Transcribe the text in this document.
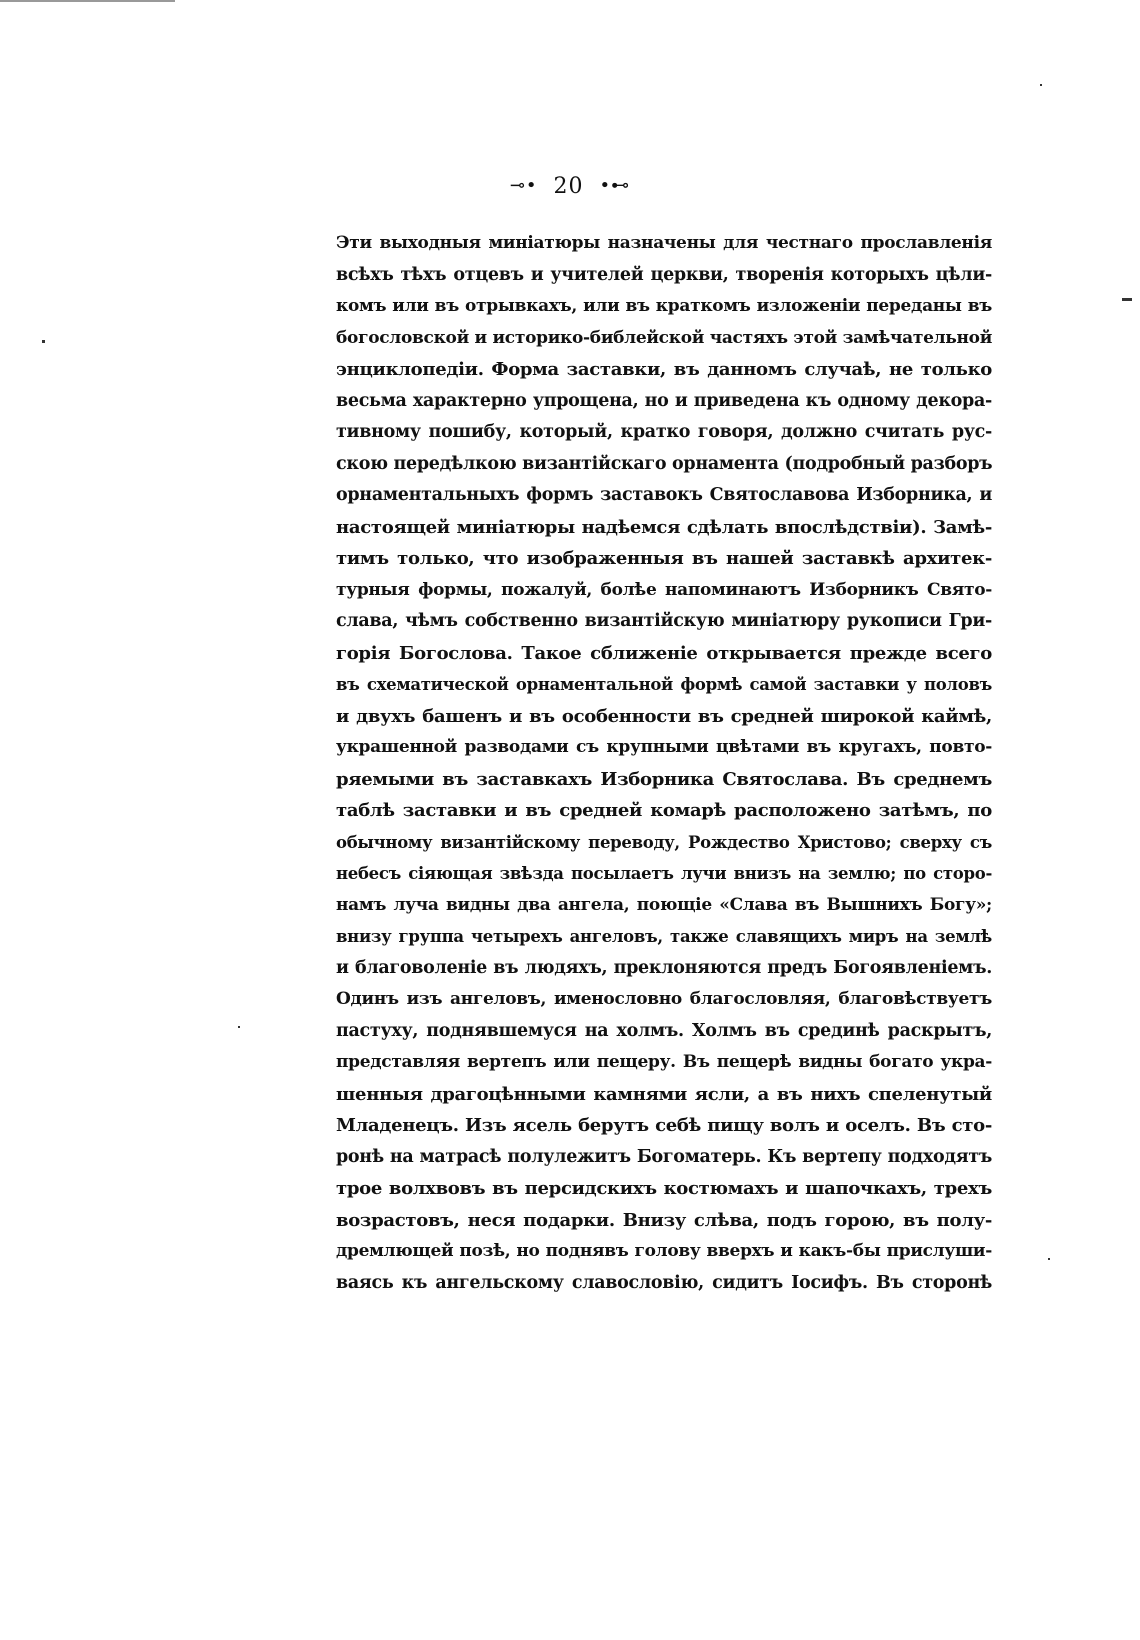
⊸• 20 •⊷
Эти выходныя миніатюры назначены для честнаго прославленія
всѣхъ тѣхъ отцевъ и учителей церкви, творенія которыхъ цѣли-
комъ или въ отрывкахъ, или въ краткомъ изложеніи переданы въ
богословской и историко-библейской частяхъ этой замѣчательной
энциклопедіи. Форма заставки, въ данномъ случаѣ, не только
весьма характерно упрощена, но и приведена къ одному декора-
тивному пошибу, который, кратко говоря, должно считать рус-
скою передѣлкою византійскаго орнамента (подробный разборъ
орнаментальныхъ формъ заставокъ Святославова Изборника, и
настоящей миніатюры надѣемся сдѣлать впослѣдствіи). Замѣ-
тимъ только, что изображенныя въ нашей заставкѣ архитек-
турныя формы, пожалуй, болѣе напоминаютъ Изборникъ Свято-
слава, чѣмъ собственно византійскую миніатюру рукописи Гри-
горія Богослова. Такое сближеніе открывается прежде всего
въ схематической орнаментальной формѣ самой заставки у половъ
и двухъ башенъ и въ особенности въ средней широкой каймѣ,
украшенной разводами съ крупными цвѣтами въ кругахъ, повто-
ряемыми въ заставкахъ Изборника Святослава. Въ среднемъ
таблѣ заставки и въ средней комарѣ расположено затѣмъ, по
обычному византійскому переводу, Рождество Христово; сверху съ
небесъ сіяющая звѣзда посылаетъ лучи внизъ на землю; по сторо-
намъ луча видны два ангела, поющіе «Слава въ Вышнихъ Богу»;
внизу группа четырехъ ангеловъ, также славящихъ миръ на землѣ
и благоволеніе въ людяхъ, преклоняются предъ Богоявленіемъ.
Одинъ изъ ангеловъ, именословно благословляя, благовѣствуетъ
пастуху, поднявшемуся на холмъ. Холмъ въ срединѣ раскрытъ,
представляя вертепъ или пещеру. Въ пещерѣ видны богато укра-
шенныя драгоцѣнными камнями ясли, а въ нихъ спеленутый
Младенецъ. Изъ ясель берутъ себѣ пищу волъ и оселъ. Въ сто-
ронѣ на матрасѣ полулежитъ Богоматерь. Къ вертепу подходятъ
трое волхвовъ въ персидскихъ костюмахъ и шапочкахъ, трехъ
возрастовъ, неся подарки. Внизу слѣва, подъ горою, въ полу-
дремлющей позѣ, но поднявъ голову вверхъ и какъ-бы прислуши-
ваясь къ ангельскому славословію, сидитъ Іосифъ. Въ сторонѣ
